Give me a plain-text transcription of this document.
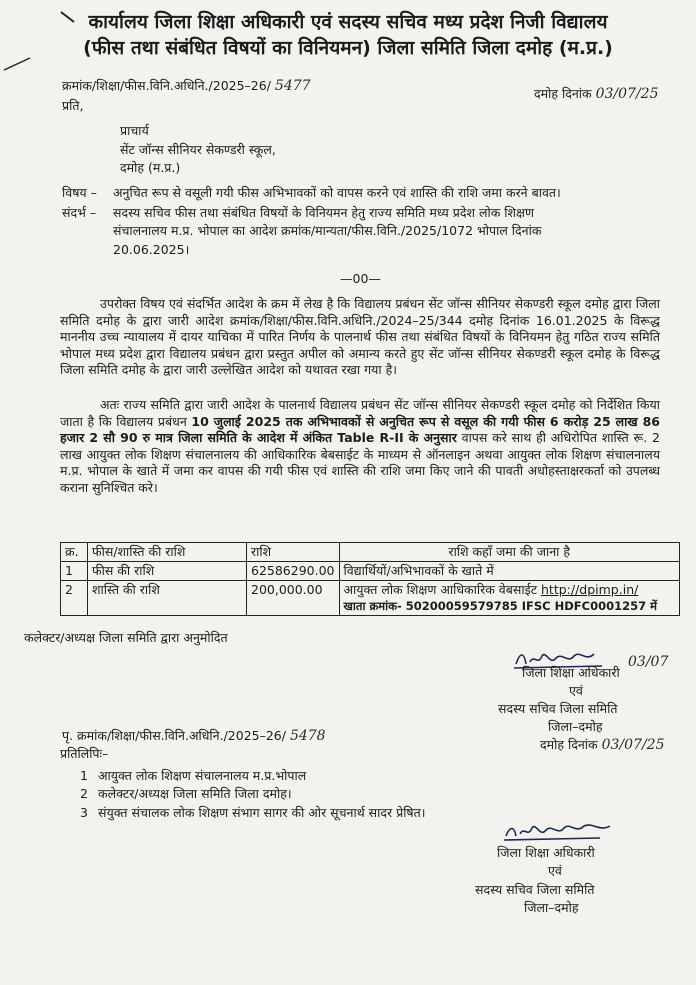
कार्यालय जिला शिक्षा अधिकारी एवं सदस्य सचिव मध्य प्रदेश निजी विद्यालय
(फीस तथा संबंधित विषयों का विनियमन) जिला समिति जिला दमोह (म.प्र.)
क्रमांक/शिक्षा/फीस.विनि.अधिनि./2025–26/ 5477	दमोह दिनांक 03/07/25
प्रति,
प्राचार्य
सेंट जॉन्स सीनियर सेकण्डरी स्कूल,
दमोह (म.प्र.)
विषय – अनुचित रूप से वसूली गयी फीस अभिभावकों को वापस करने एवं शास्ति की राशि जमा करने बावत।
संदर्भ – सदस्य सचिव फीस तथा संबंधित विषयों के विनियमन हेतु राज्य समिति मध्य प्रदेश लोक शिक्षण
संचालनालय म.प्र. भोपाल का आदेश क्रमांक/मान्यता/फीस.विनि./2025/1072 भोपाल दिनांक
20.06.2025।
—00—
उपरोक्त विषय एवं संदर्भित आदेश के क्रम में लेख है कि विद्यालय प्रबंधन सेंट जॉन्स सीनियर सेकण्डरी स्कूल दमोह द्वारा जिला समिति दमोह के द्वारा जारी आदेश क्रमांक/शिक्षा/फीस.विनि.अधिनि./2024–25/344 दमोह दिनांक 16.01.2025 के विरूद्ध माननीय उच्च न्यायालय में दायर याचिका में पारित निर्णय के पालनार्थ फीस तथा संबंधित विषयों के विनियमन हेतु गठित राज्य समिति भोपाल मध्य प्रदेश द्वारा विद्यालय प्रबंधन द्वारा प्रस्तुत अपील को अमान्य करते हुए सेंट जॉन्स सीनियर सेकण्डरी स्कूल दमोह के विरूद्ध जिला समिति दमोह के द्वारा जारी उल्लेखित आदेश को यथावत रखा गया है।
अतः राज्य समिति द्वारा जारी आदेश के पालनार्थ विद्यालय प्रबंधन सेंट जॉन्स सीनियर सेकण्डरी स्कूल दमोह को निर्देशित किया जाता है कि विद्यालय प्रबंधन 10 जुलाई 2025 तक अभिभावकों से अनुचित रूप से वसूल की गयी फीस 6 करोड़ 25 लाख 86 हजार 2 सौ 90 रु मात्र जिला समिति के आदेश में अंकित Table R-II के अनुसार वापस करे साथ ही अधिरोपित शास्ति रू. 2 लाख आयुक्त लोक शिक्षण संचालनालय की आधिकारिक बेबसाईट के माध्यम से ऑनलाइन अथवा आयुक्त लोक शिक्षण संचालनालय म.प्र. भोपाल के खाते में जमा कर वापस की गयी फीस एवं शास्ति की राशि जमा किए जाने की पावती अधोहस्ताक्षरकर्ता को उपलब्ध कराना सुनिश्चित करे।
क्र.	फीस/शास्ति की राशि	राशि	राशि कहाँ जमा की जाना है
1	फीस की राशि	62586290.00	विद्यार्थियों/अभिभावकों के खाते में
2	शास्ति की राशि	200,000.00	आयुक्त लोक शिक्षण आधिकारिक वेबसाईट http://dpimp.in/
खाता क्रमांक- 50200059579785 IFSC HDFC0001257 में
कलेक्टर/अध्यक्ष जिला समिति द्वारा अनुमोदित
03/07
जिला शिक्षा अधिकारी
एवं
सदस्य सचिव जिला समिति
जिला–दमोह
दमोह दिनांक 03/07/25
पृ. क्रमांक/शिक्षा/फीस.विनि.अधिनि./2025–26/ 5478
प्रतिलिपिः–
1 आयुक्त लोक शिक्षण संचालनालय म.प्र.भोपाल
2 कलेक्टर/अध्यक्ष जिला समिति जिला दमोह।
3 संयुक्त संचालक लोक शिक्षण संभाग सागर की ओर सूचनार्थ सादर प्रेषित।
जिला शिक्षा अधिकारी
एवं
सदस्य सचिव जिला समिति
जिला–दमोह
